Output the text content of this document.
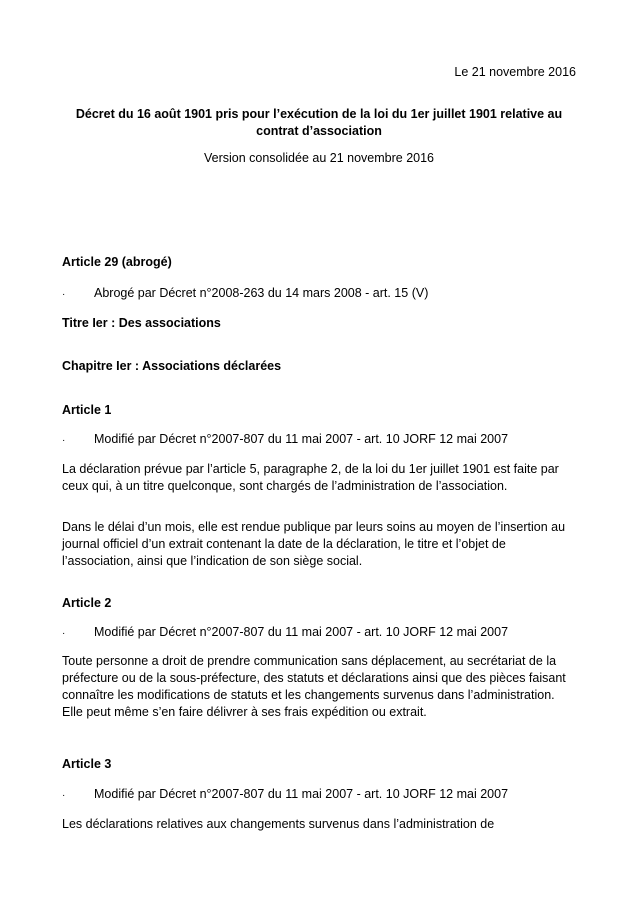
Le 21 novembre 2016
Décret du 16 août 1901 pris pour l’exécution de la loi du 1er juillet 1901 relative au contrat d’association
Version consolidée au 21 novembre 2016
Article 29 (abrogé)
· Abrogé par Décret n°2008-263 du 14 mars 2008 - art. 15 (V)
Titre Ier : Des associations
Chapitre Ier : Associations déclarées
Article 1
· Modifié par Décret n°2007-807 du 11 mai 2007 - art. 10 JORF 12 mai 2007
La déclaration prévue par l’article 5, paragraphe 2, de la loi du 1er juillet 1901 est faite par ceux qui, à un titre quelconque, sont chargés de l’administration de l’association.
Dans le délai d’un mois, elle est rendue publique par leurs soins au moyen de l’insertion au journal officiel d’un extrait contenant la date de la déclaration, le titre et l’objet de l’association, ainsi que l’indication de son siège social.
Article 2
· Modifié par Décret n°2007-807 du 11 mai 2007 - art. 10 JORF 12 mai 2007
Toute personne a droit de prendre communication sans déplacement, au secrétariat de la préfecture ou de la sous-préfecture, des statuts et déclarations ainsi que des pièces faisant connaître les modifications de statuts et les changements survenus dans l’administration. Elle peut même s’en faire délivrer à ses frais expédition ou extrait.
Article 3
· Modifié par Décret n°2007-807 du 11 mai 2007 - art. 10 JORF 12 mai 2007
Les déclarations relatives aux changements survenus dans l’administration de
